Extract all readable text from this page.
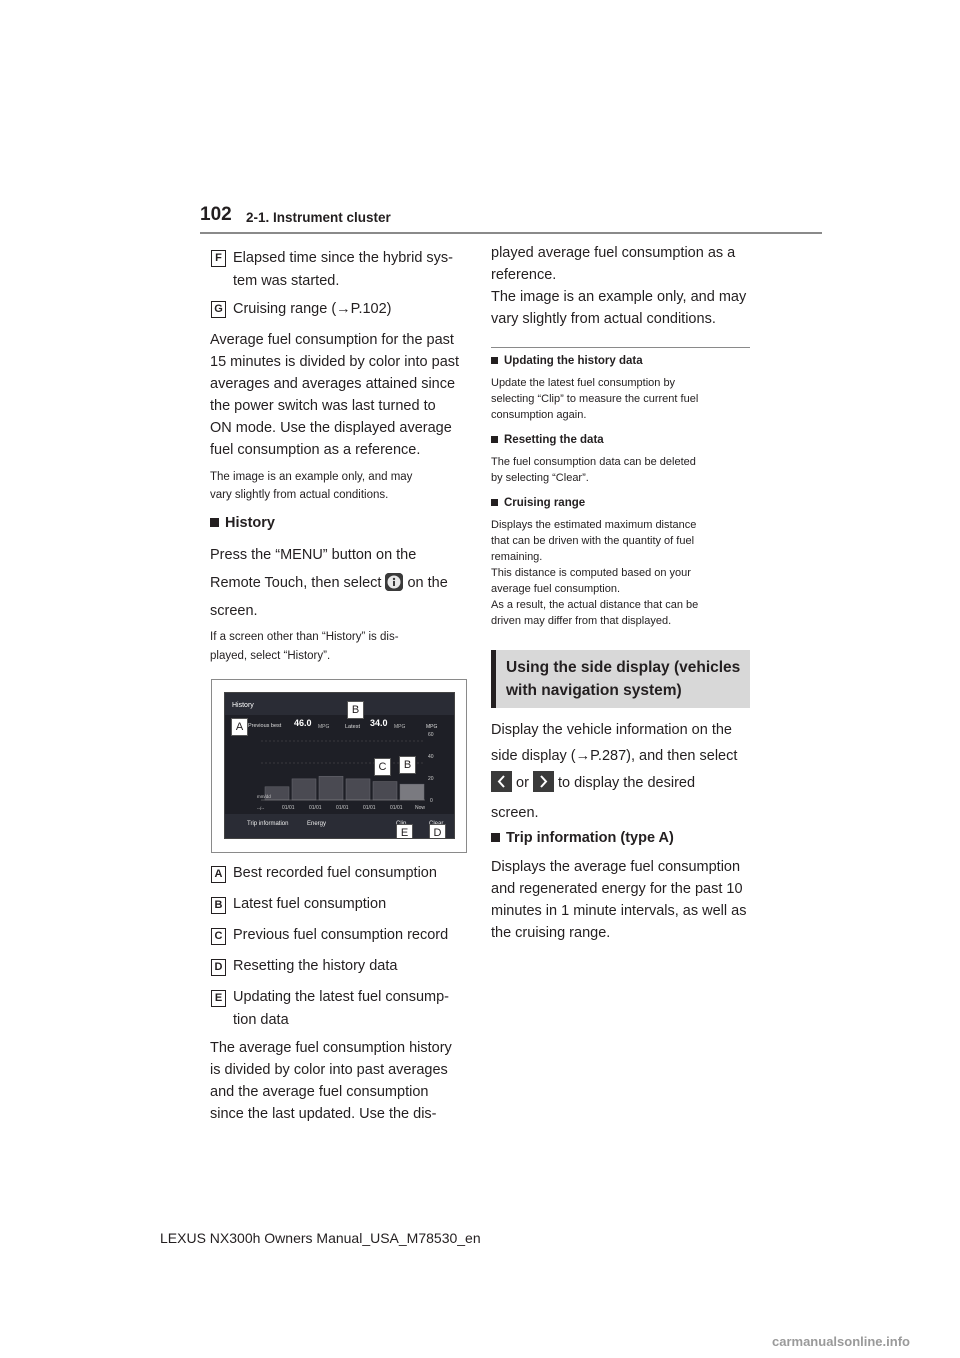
102 2-1. Instrument cluster
F Elapsed time since the hybrid sys-
tem was started.
G Cruising range (→P.102)
Average fuel consumption for the past
15 minutes is divided by color into past
averages and averages attained since
the power switch was last turned to
ON mode. Use the displayed average
fuel consumption as a reference.
The image is an example only, and may
vary slightly from actual conditions.
History
Press the “MENU” button on the
Remote Touch, then select on the
screen.
If a screen other than “History” is dis-
played, select “History”.
History
Previous best 46.0 MPG	Latest 34.0 MPG	MPG
60
40
20
0
mm/dd
--/--	01/01	01/01	01/01	01/01	01/01 Now
Trip information	Energy
A
B
C	B
E	D
A Best recorded fuel consumption
B Latest fuel consumption
C Previous fuel consumption record
D Resetting the history data
E Updating the latest fuel consump-
tion data
The average fuel consumption history
is divided by color into past averages
and the average fuel consumption
since the last updated. Use the dis-
played average fuel consumption as a
reference.
The image is an example only, and may
vary slightly from actual conditions.
Updating the history data
Update the latest fuel consumption by
selecting “Clip” to measure the current fuel
consumption again.
Resetting the data
The fuel consumption data can be deleted
by selecting “Clear”.
Cruising range
Displays the estimated maximum distance
that can be driven with the quantity of fuel
remaining.
This distance is computed based on your
average fuel consumption.
As a result, the actual distance that can be
driven may differ from that displayed.
Using the side display (vehicles
with navigation system)
Display the vehicle information on the
side display (→P.287), and then select
or to display the desired
screen.
Trip information (type A)
Displays the average fuel consumption
and regenerated energy for the past 10
minutes in 1 minute intervals, as well as
the cruising range.
LEXUS NX300h Owners Manual_USA_M78530_en
carmanualsonline.info
